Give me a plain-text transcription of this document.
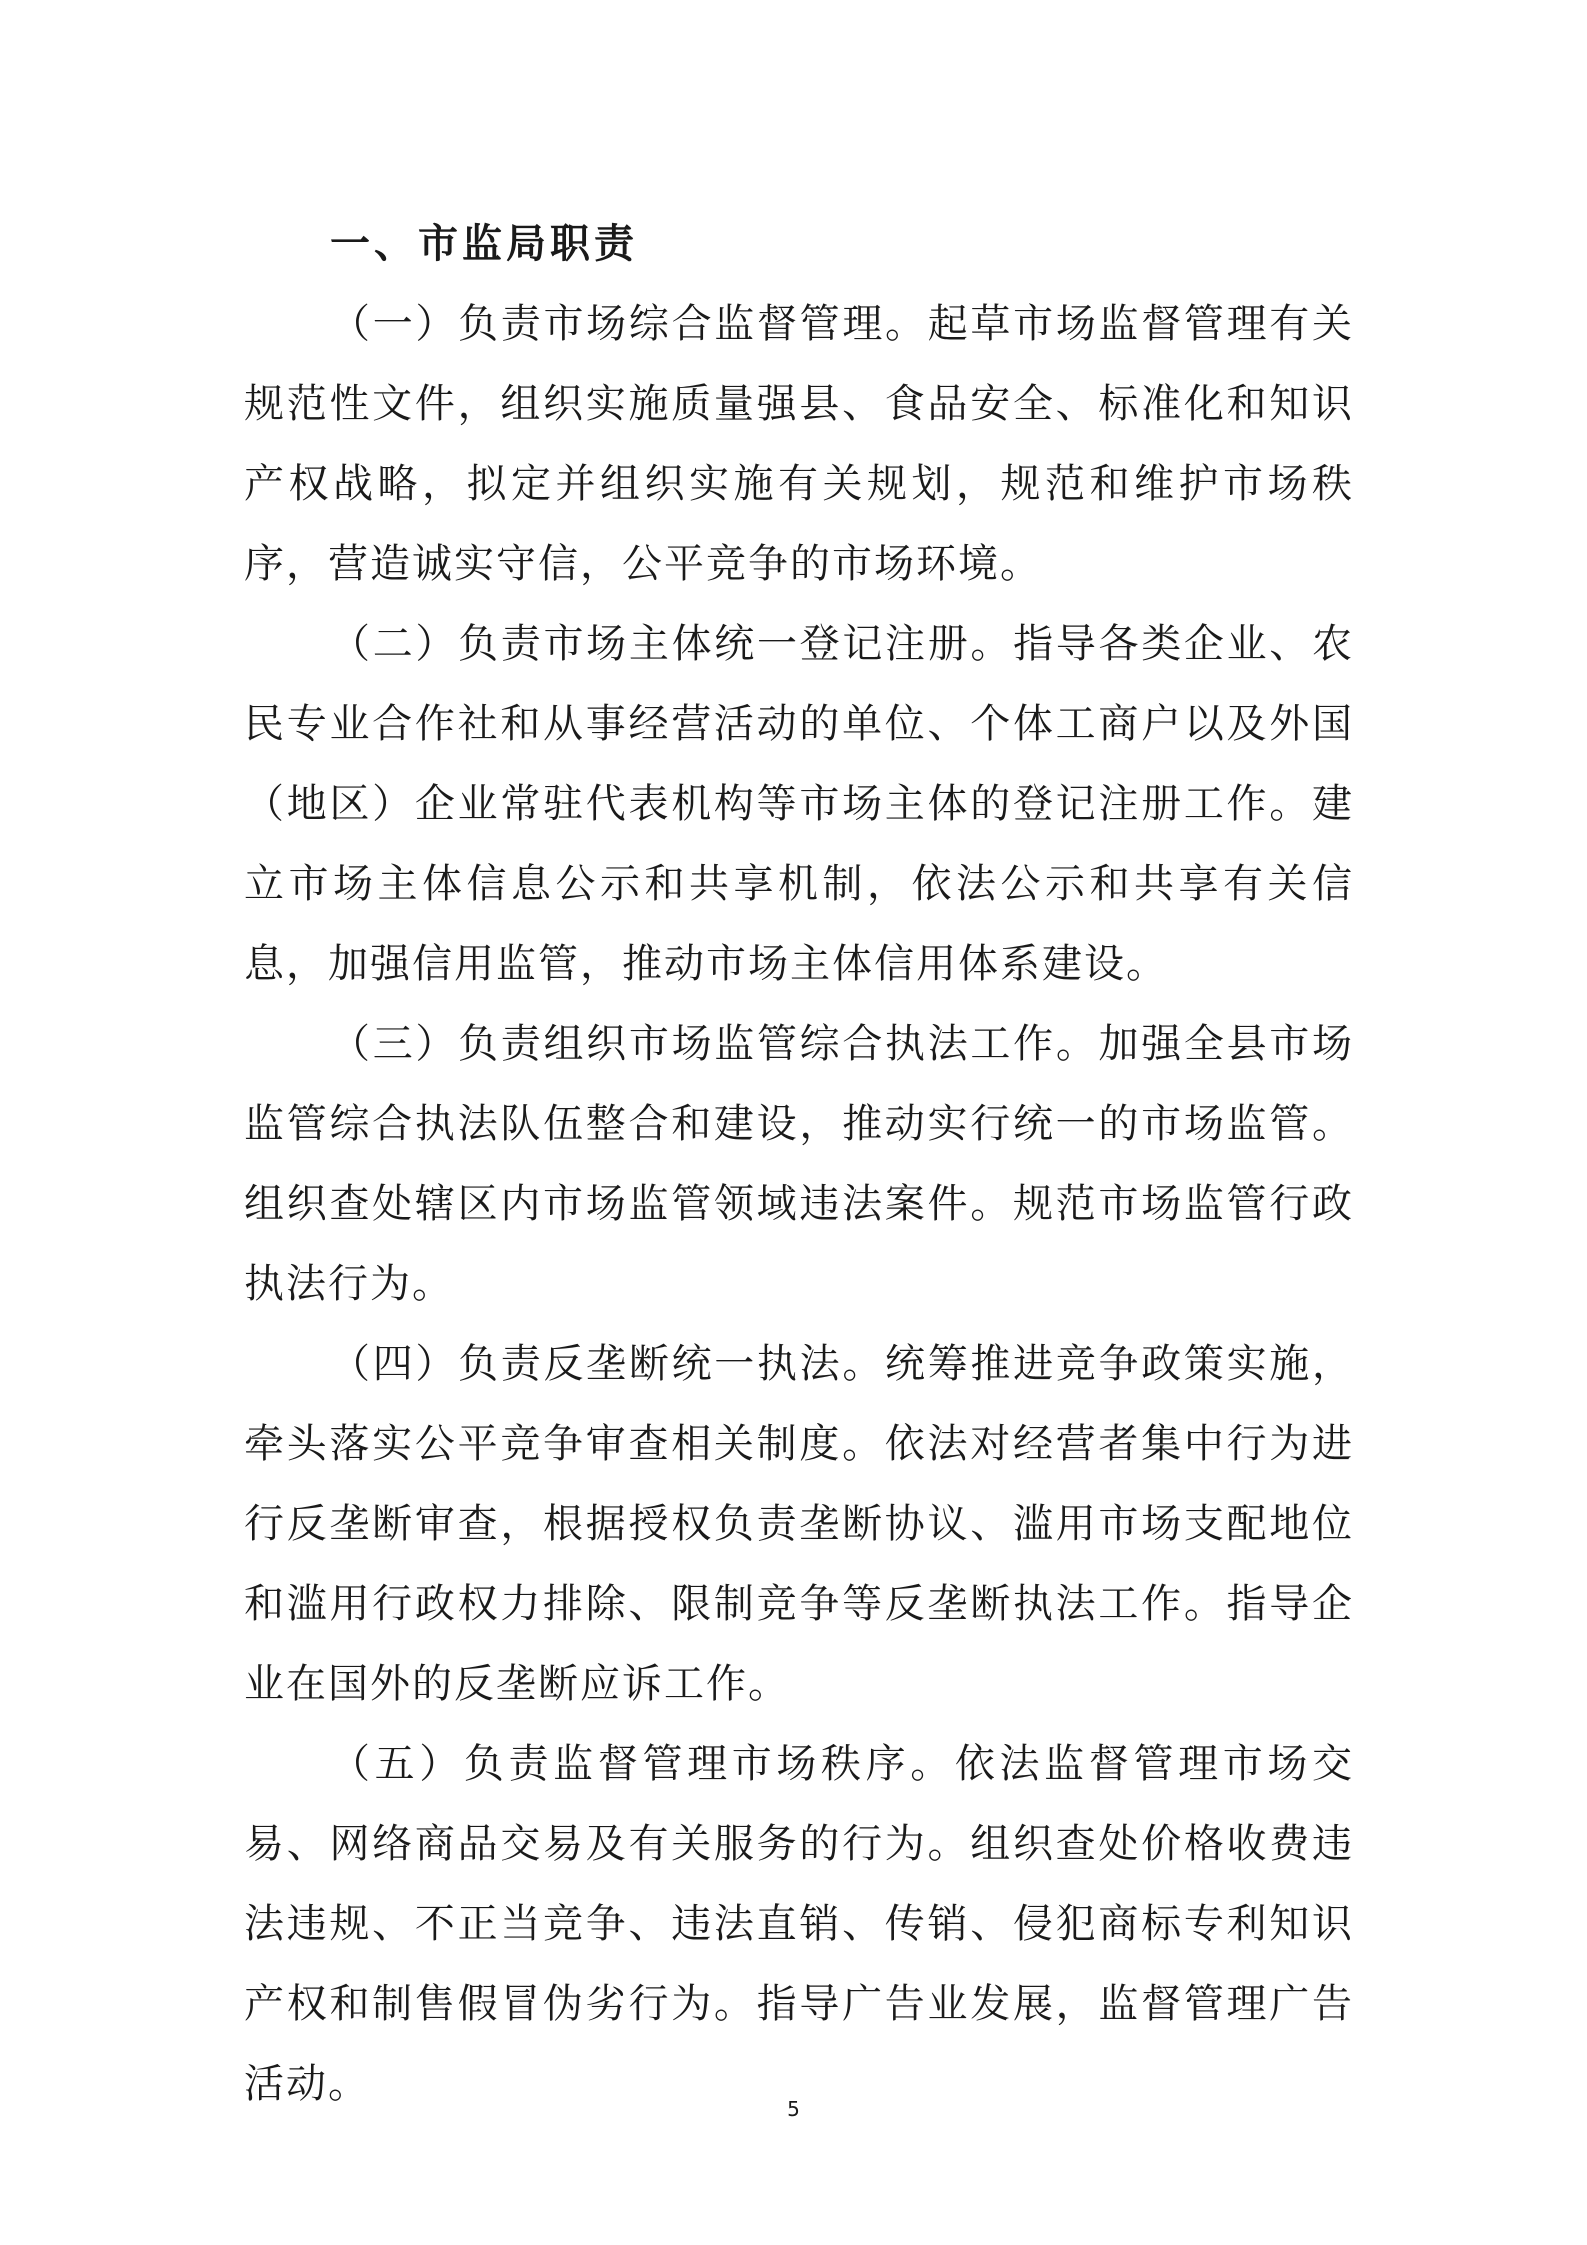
一、市监局职责

（一）负责市场综合监督管理。起草市场监督管理有关规范性文件，组织实施质量强县、食品安全、标准化和知识产权战略，拟定并组织实施有关规划，规范和维护市场秩序，营造诚实守信，公平竞争的市场环境。

（二）负责市场主体统一登记注册。指导各类企业、农民专业合作社和从事经营活动的单位、个体工商户以及外国（地区）企业常驻代表机构等市场主体的登记注册工作。建立市场主体信息公示和共享机制，依法公示和共享有关信息，加强信用监管，推动市场主体信用体系建设。

（三）负责组织市场监管综合执法工作。加强全县市场监管综合执法队伍整合和建设，推动实行统一的市场监管。组织查处辖区内市场监管领域违法案件。规范市场监管行政执法行为。

（四）负责反垄断统一执法。统筹推进竞争政策实施，牵头落实公平竞争审查相关制度。依法对经营者集中行为进行反垄断审查，根据授权负责垄断协议、滥用市场支配地位和滥用行政权力排除、限制竞争等反垄断执法工作。指导企业在国外的反垄断应诉工作。

（五）负责监督管理市场秩序。依法监督管理市场交易、网络商品交易及有关服务的行为。组织查处价格收费违法违规、不正当竞争、违法直销、传销、侵犯商标专利知识产权和制售假冒伪劣行为。指导广告业发展，监督管理广告活动。

5
